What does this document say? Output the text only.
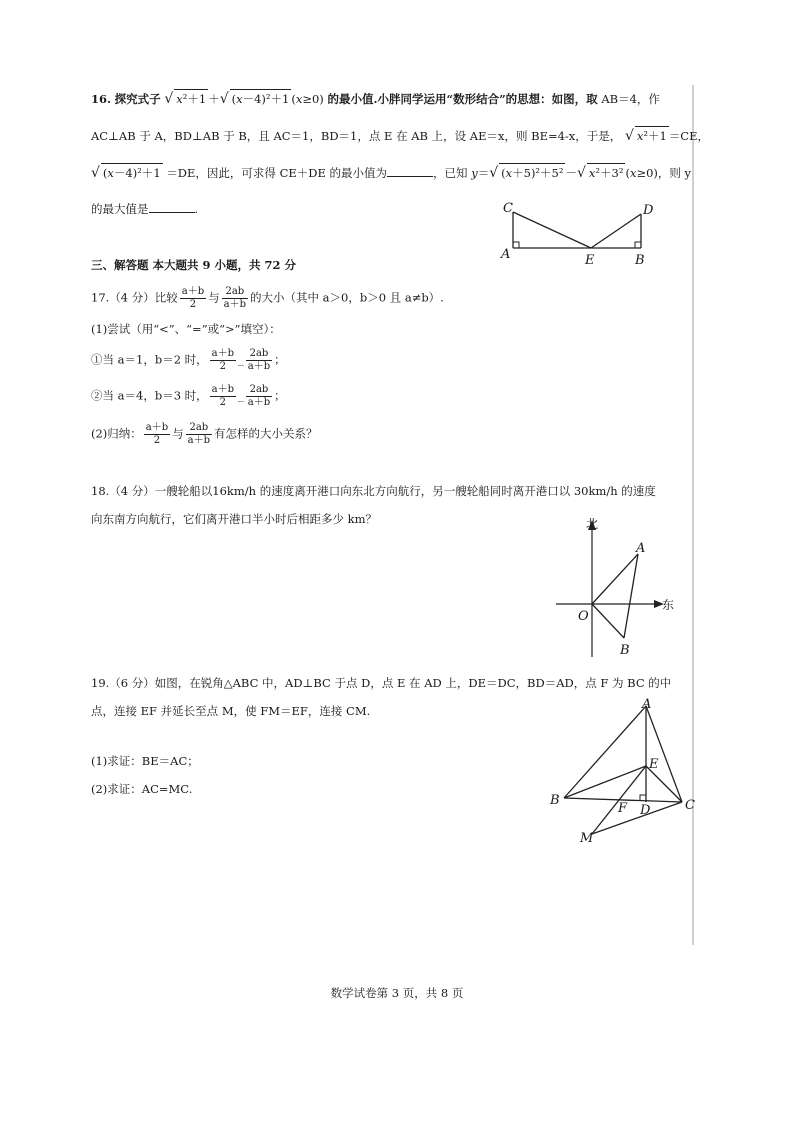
16. 探究式子 √ x²＋1 ＋√ (x－4)²＋1 (x≥0) 的最小值.小胖同学运用“数形结合”的思想：如图，取 AB＝4，作
AC⊥AB 于 A，BD⊥AB 于 B，且 AC＝1，BD＝1，点 E 在 AB 上，设 AE＝x，则 BE=4-x，于是， √ x²＋1 ＝CE，
√ (x－4)²＋1 ＝DE，因此，可求得 CE＋DE 的最小值为	，已知 y＝√ (x＋5)²＋5² －√ x²＋3² (x≥0)，则 y
的最大值是	.	C	D
A	E	B
三、解答题 本大题共 9 小题，共 72 分
17.（4 分）比较 $\frac{a+b}{2}$ 与 $\frac{2ab}{a+b}$ 的大小（其中 a＞0，b＞0 且 a≠b）.
(1)尝试（用“<”、“=”或“>”填空）：
①当 a＝1，b＝2 时， $\frac{a+b}{2}$ _ $\frac{2ab}{a+b}$ ；
②当 a＝4，b＝3 时， $\frac{a+b}{2}$ _ $\frac{2ab}{a+b}$ ；
(2)归纳： $\frac{a+b}{2}$ 与 $\frac{2ab}{a+b}$ 有怎样的大小关系？
18.（4 分）一艘轮船以16km/h 的速度离开港口向东北方向航行，另一艘轮船同时离开港口以 30km/h 的速度
向东南方向航行，它们离开港口半小时后相距多少 km？	北
东
O
A
B
19.（6 分）如图，在锐角△ABC 中，AD⊥BC 于点 D，点 E 在 AD 上，DE＝DC，BD＝AD，点 F 为 BC 的中
点，连接 EF 并延长至点 M，使 FM＝EF，连接 CM.
(1)求证：BE＝AC；
(2)求证：AC=MC.
A
E
B
F D	C
M
数学试卷第 3 页，共 8 页
